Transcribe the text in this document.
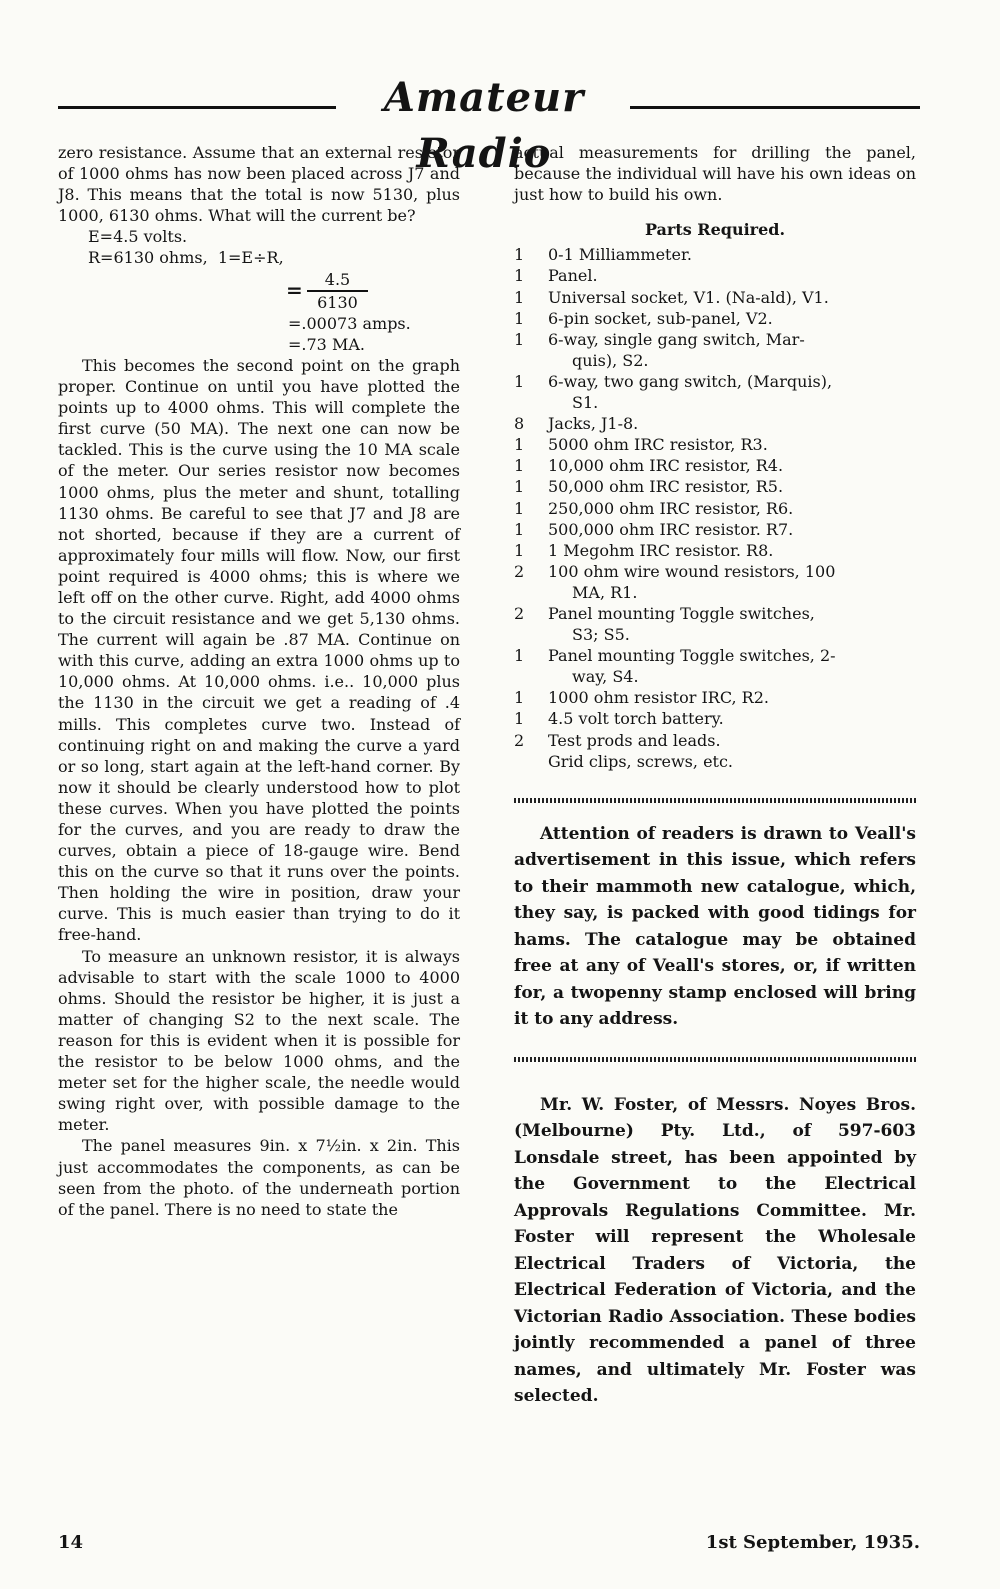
Amateur Radio

zero resistance. Assume that an external resistor of 1000 ohms has now been placed across J7 and J8. This means that the total is now 5130, plus 1000, 6130 ohms. What will the current be?

E=4.5 volts.

R=6130 ohms, 1=E÷R,

= $\frac{4.5}{6130}$

=.00073 amps.

=.73 MA.

This becomes the second point on the graph proper. Continue on until you have plotted the points up to 4000 ohms. This will complete the first curve (50 MA). The next one can now be tackled. This is the curve using the 10 MA scale of the meter. Our series resistor now becomes 1000 ohms, plus the meter and shunt, totalling 1130 ohms. Be careful to see that J7 and J8 are not shorted, because if they are a current of approximately four mills will flow. Now, our first point required is 4000 ohms; this is where we left off on the other curve. Right, add 4000 ohms to the circuit resistance and we get 5,130 ohms. The current will again be .87 MA. Continue on with this curve, adding an extra 1000 ohms up to 10,000 ohms. At 10,000 ohms. i.e.. 10,000 plus the 1130 in the circuit we get a reading of .4 mills. This completes curve two. Instead of continuing right on and making the curve a yard or so long, start again at the left-hand corner. By now it should be clearly understood how to plot these curves. When you have plotted the points for the curves, and you are ready to draw the curves, obtain a piece of 18-gauge wire. Bend this on the curve so that it runs over the points. Then holding the wire in position, draw your curve. This is much easier than trying to do it free-hand.

To measure an unknown resistor, it is always advisable to start with the scale 1000 to 4000 ohms. Should the resistor be higher, it is just a matter of changing S2 to the next scale. The reason for this is evident when it is possible for the resistor to be below 1000 ohms, and the meter set for the higher scale, the needle would swing right over, with possible damage to the meter.

The panel measures 9in. x 7½in. x 2in. This just accommodates the components, as can be seen from the photo. of the underneath portion of the panel. There is no need to state the

actual measurements for drilling the panel, because the individual will have his own ideas on just how to build his own.

Parts Required.
1	0-1 Milliammeter.
1	Panel.
1	Universal socket, V1. (Na-ald), V1.
1	6-pin socket, sub-panel, V2.
1	6-way, single gang switch, Mar-
quis), S2.
1	6-way, two gang switch, (Marquis),
S1.
8	Jacks, J1-8.
1	5000 ohm IRC resistor, R3.
1	10,000 ohm IRC resistor, R4.
1	50,000 ohm IRC resistor, R5.
1	250,000 ohm IRC resistor, R6.
1	500,000 ohm IRC resistor. R7.
1	1 Megohm IRC resistor. R8.
2	100 ohm wire wound resistors, 100
MA, R1.
2	Panel mounting Toggle switches,
S3; S5.
1	Panel mounting Toggle switches, 2-
way, S4.
1	1000 ohm resistor IRC, R2.
1	4.5 volt torch battery.
2	Test prods and leads.
Grid clips, screws, etc.

Attention of readers is drawn to Veall's advertisement in this issue, which refers to their mammoth new catalogue, which, they say, is packed with good tidings for hams. The catalogue may be obtained free at any of Veall's stores, or, if written for, a twopenny stamp enclosed will bring it to any address.

Mr. W. Foster, of Messrs. Noyes Bros. (Melbourne) Pty. Ltd., of 597-603 Lonsdale street, has been appointed by the Government to the Electrical Approvals Regulations Committee. Mr. Foster will represent the Wholesale Electrical Traders of Victoria, the Electrical Federation of Victoria, and the Victorian Radio Association. These bodies jointly recommended a panel of three names, and ultimately Mr. Foster was selected.

14	1st September, 1935.
